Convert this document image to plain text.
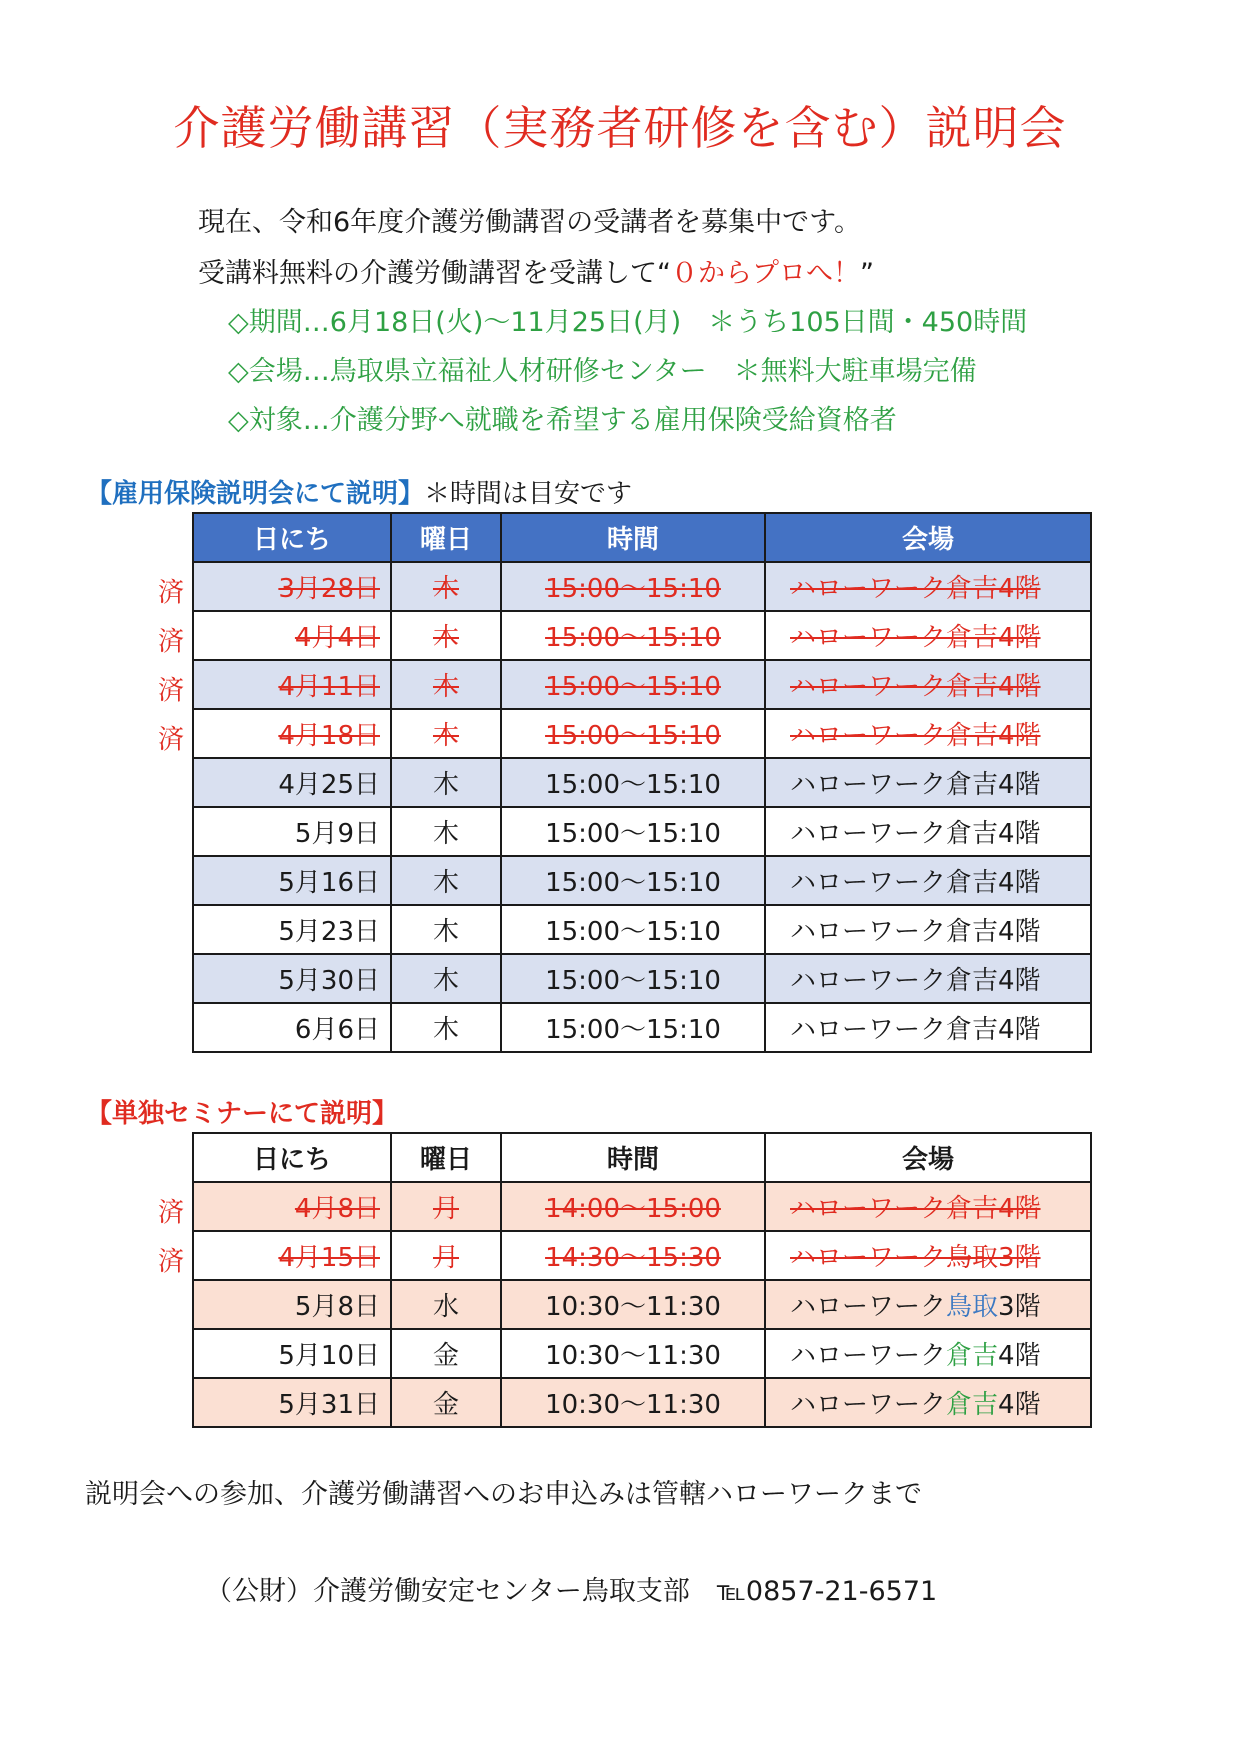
介護労働講習（実務者研修を含む）説明会
現在、令和6年度介護労働講習の受講者を募集中です。
受講料無料の介護労働講習を受講して“０からプロへ！”
◇期間…6月18日(火)～11月25日(月)　＊うち105日間・450時間
◇会場…鳥取県立福祉人材研修センター　＊無料大駐車場完備
◇対象…介護分野へ就職を希望する雇用保険受給資格者
【雇用保険説明会にて説明】＊時間は目安です
済
済
済
済
日にち	曜日	時間	会場
3月28日	木	15:00～15:10	ハローワーク倉吉4階
4月4日	木	15:00～15:10	ハローワーク倉吉4階
4月11日	木	15:00～15:10	ハローワーク倉吉4階
4月18日	木	15:00～15:10	ハローワーク倉吉4階
4月25日	木	15:00～15:10	ハローワーク倉吉4階
5月9日	木	15:00～15:10	ハローワーク倉吉4階
5月16日	木	15:00～15:10	ハローワーク倉吉4階
5月23日	木	15:00～15:10	ハローワーク倉吉4階
5月30日	木	15:00～15:10	ハローワーク倉吉4階
6月6日	木	15:00～15:10	ハローワーク倉吉4階
【単独セミナーにて説明】
済
済
日にち	曜日	時間	会場
4月8日	月	14:00～15:00	ハローワーク倉吉4階
4月15日	月	14:30～15:30	ハローワーク鳥取3階
5月8日	水	10:30～11:30	ハローワーク鳥取3階
5月10日	金	10:30～11:30	ハローワーク倉吉4階
5月31日	金	10:30～11:30	ハローワーク倉吉4階
説明会への参加、介護労働講習へのお申込みは管轄ハローワークまで
（公財）介護労働安定センター鳥取支部　℡0857-21-6571
